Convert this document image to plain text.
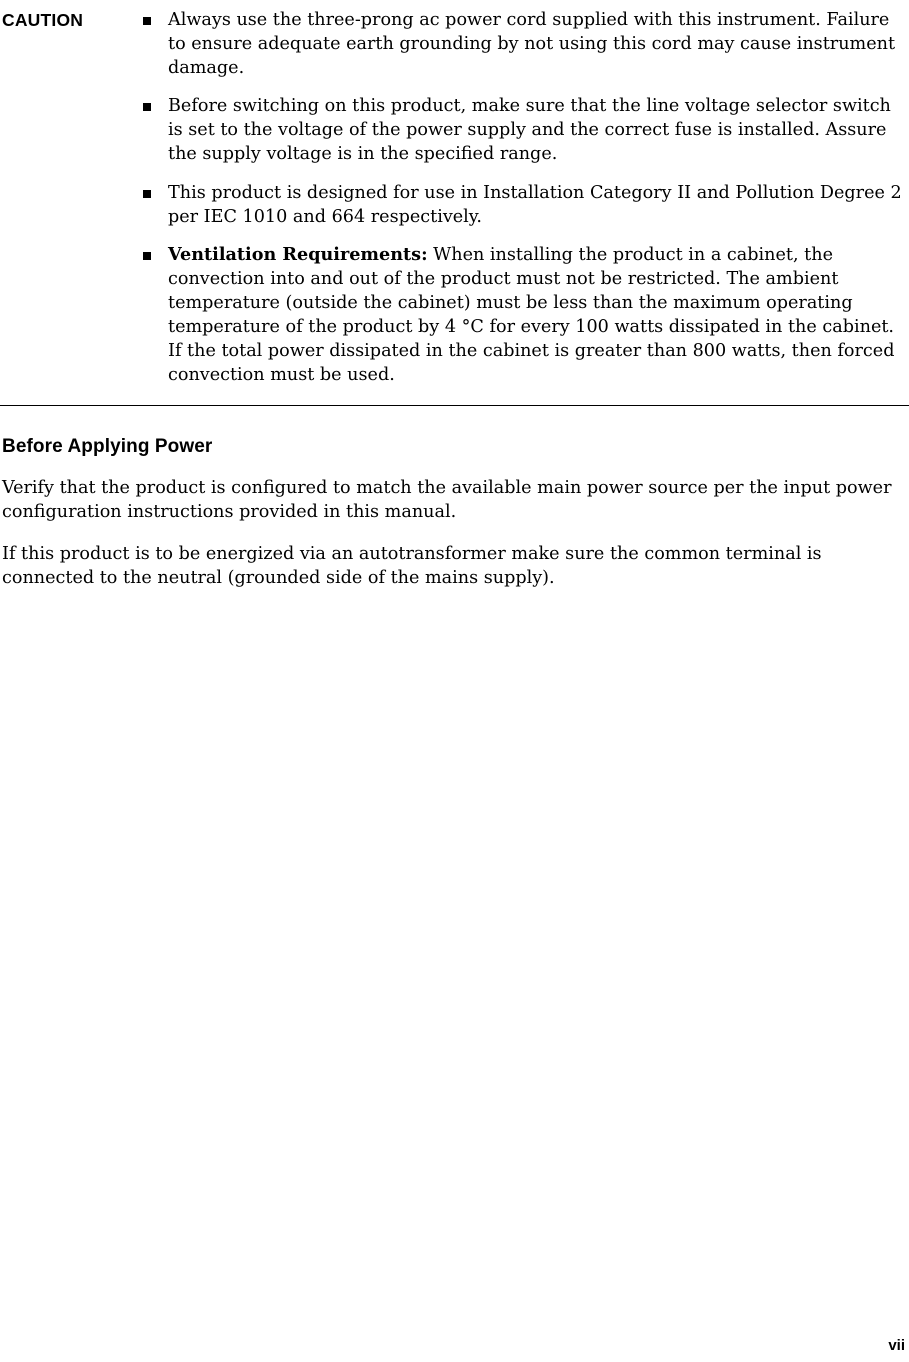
CAUTION	Always use the three-prong ac power cord supplied with this instrument. Failure to ensure adequate earth grounding by not using this cord may cause instrument damage.
Before switching on this product, make sure that the line voltage selector switch is set to the voltage of the power supply and the correct fuse is installed. Assure the supply voltage is in the specified range.
This product is designed for use in Installation Category II and Pollution Degree 2 per IEC 1010 and 664 respectively.
Ventilation Requirements: When installing the product in a cabinet, the convection into and out of the product must not be restricted. The ambient temperature (outside the cabinet) must be less than the maximum operating temperature of the product by 4 °C for every 100 watts dissipated in the cabinet. If the total power dissipated in the cabinet is greater than 800 watts, then forced convection must be used.
Before Applying Power

Verify that the product is configured to match the available main power source per the input power configuration instructions provided in this manual.

If this product is to be energized via an autotransformer make sure the common terminal is connected to the neutral (grounded side of the mains supply).

vii
